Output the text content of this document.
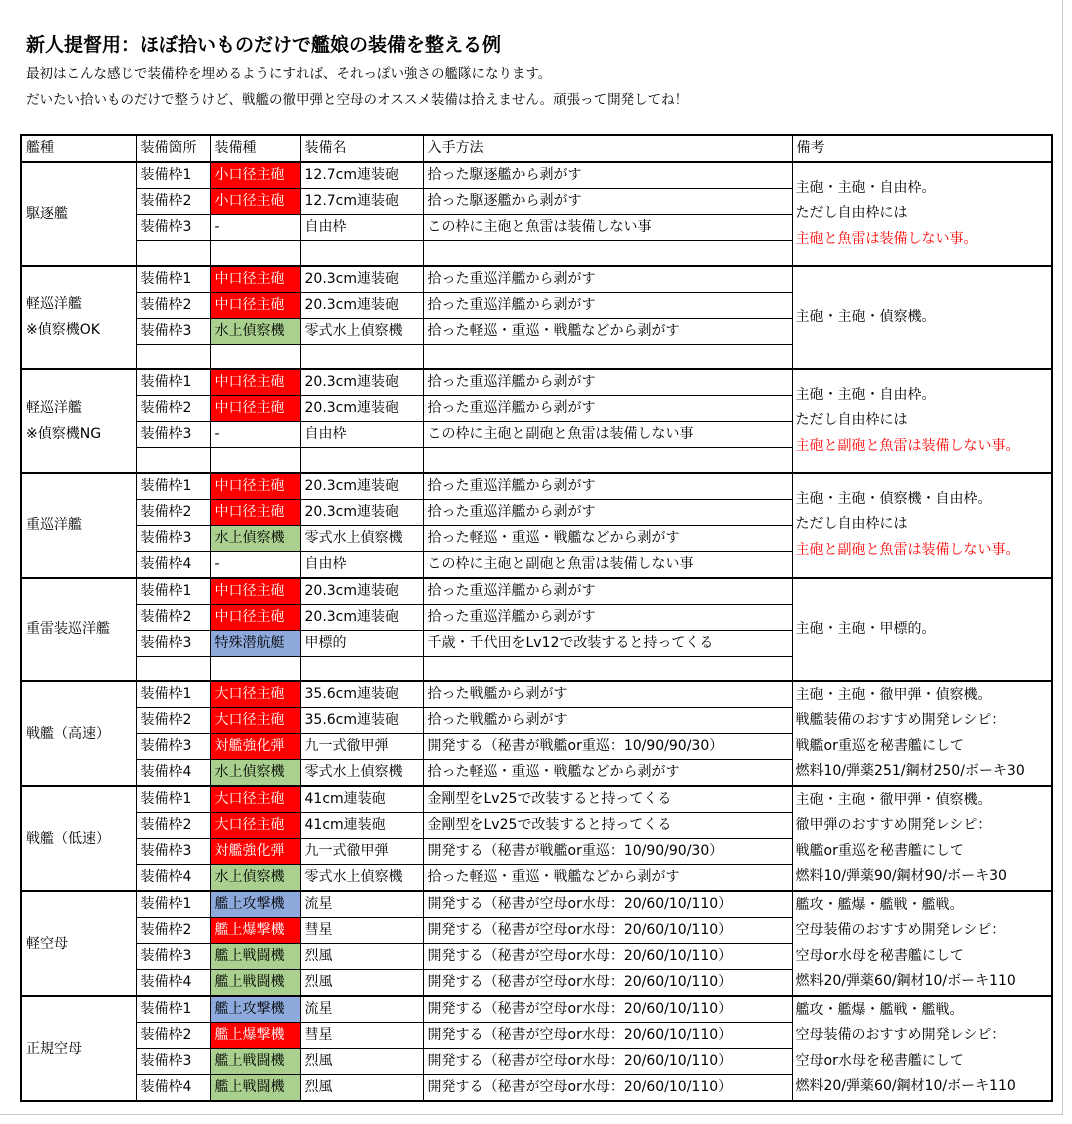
新人提督用：ほぼ拾いものだけで艦娘の装備を整える例
最初はこんな感じで装備枠を埋めるようにすれば、それっぽい強さの艦隊になります。
だいたい拾いものだけで整うけど、戦艦の徹甲弾と空母のオススメ装備は拾えません。頑張って開発してね！
艦種	装備箇所	装備種	装備名	入手方法	備考

駆逐艦	装備枠1	小口径主砲	12.7cm連装砲	拾った駆逐艦から剥がす	主砲・主砲・自由枠。
ただし自由枠には
主砲と魚雷は装備しない事。

	装備枠2	小口径主砲	12.7cm連装砲	拾った駆逐艦から剥がす	
	装備枠3	-	自由枠	この枠に主砲と魚雷は装備しない事	

軽巡洋艦
※偵察機OK	装備枠1	中口径主砲	20.3cm連装砲	拾った重巡洋艦から剥がす	主砲・主砲・偵察機。

	装備枠2	中口径主砲	20.3cm連装砲	拾った重巡洋艦から剥がす	
	装備枠3	水上偵察機	零式水上偵察機	拾った軽巡・重巡・戦艦などから剥がす	

軽巡洋艦
※偵察機NG	装備枠1	中口径主砲	20.3cm連装砲	拾った重巡洋艦から剥がす	主砲・主砲・自由枠。
ただし自由枠には
主砲と副砲と魚雷は装備しない事。

	装備枠2	中口径主砲	20.3cm連装砲	拾った重巡洋艦から剥がす	
	装備枠3	-	自由枠	この枠に主砲と副砲と魚雷は装備しない事	

重巡洋艦	装備枠1	中口径主砲	20.3cm連装砲	拾った重巡洋艦から剥がす	主砲・主砲・偵察機・自由枠。
ただし自由枠には
主砲と副砲と魚雷は装備しない事。

	装備枠2	中口径主砲	20.3cm連装砲	拾った重巡洋艦から剥がす	
	装備枠3	水上偵察機	零式水上偵察機	拾った軽巡・重巡・戦艦などから剥がす	
	装備枠4	-	自由枠	この枠に主砲と副砲と魚雷は装備しない事	

重雷装巡洋艦	装備枠1	中口径主砲	20.3cm連装砲	拾った重巡洋艦から剥がす	主砲・主砲・甲標的。

	装備枠2	中口径主砲	20.3cm連装砲	拾った重巡洋艦から剥がす	
	装備枠3	特殊潜航艇	甲標的	千歳・千代田をLv12で改装すると持ってくる	

戦艦（高速）	装備枠1	大口径主砲	35.6cm連装砲	拾った戦艦から剥がす	主砲・主砲・徹甲弾・偵察機。
戦艦装備のおすすめ開発レシピ：
戦艦or重巡を秘書艦にして
燃料10/弾薬251/鋼材250/ボーキ30

	装備枠2	大口径主砲	35.6cm連装砲	拾った戦艦から剥がす	
	装備枠3	対艦強化弾	九一式徹甲弾	開発する（秘書が戦艦or重巡：10/90/90/30）	
	装備枠4	水上偵察機	零式水上偵察機	拾った軽巡・重巡・戦艦などから剥がす	

戦艦（低速）	装備枠1	大口径主砲	41cm連装砲	金剛型をLv25で改装すると持ってくる	主砲・主砲・徹甲弾・偵察機。
徹甲弾のおすすめ開発レシピ：
戦艦or重巡を秘書艦にして
燃料10/弾薬90/鋼材90/ボーキ30

	装備枠2	大口径主砲	41cm連装砲	金剛型をLv25で改装すると持ってくる	
	装備枠3	対艦強化弾	九一式徹甲弾	開発する（秘書が戦艦or重巡：10/90/90/30）	
	装備枠4	水上偵察機	零式水上偵察機	拾った軽巡・重巡・戦艦などから剥がす	

軽空母	装備枠1	艦上攻撃機	流星	開発する（秘書が空母or水母：20/60/10/110）	艦攻・艦爆・艦戦・艦戦。
空母装備のおすすめ開発レシピ：
空母or水母を秘書艦にして
燃料20/弾薬60/鋼材10/ボーキ110

	装備枠2	艦上爆撃機	彗星	開発する（秘書が空母or水母：20/60/10/110）	
	装備枠3	艦上戦闘機	烈風	開発する（秘書が空母or水母：20/60/10/110）	
	装備枠4	艦上戦闘機	烈風	開発する（秘書が空母or水母：20/60/10/110）	

正規空母	装備枠1	艦上攻撃機	流星	開発する（秘書が空母or水母：20/60/10/110）	艦攻・艦爆・艦戦・艦戦。
空母装備のおすすめ開発レシピ：
空母or水母を秘書艦にして
燃料20/弾薬60/鋼材10/ボーキ110

	装備枠2	艦上爆撃機	彗星	開発する（秘書が空母or水母：20/60/10/110）	
	装備枠3	艦上戦闘機	烈風	開発する（秘書が空母or水母：20/60/10/110）	
	装備枠4	艦上戦闘機	烈風	開発する（秘書が空母or水母：20/60/10/110）	
